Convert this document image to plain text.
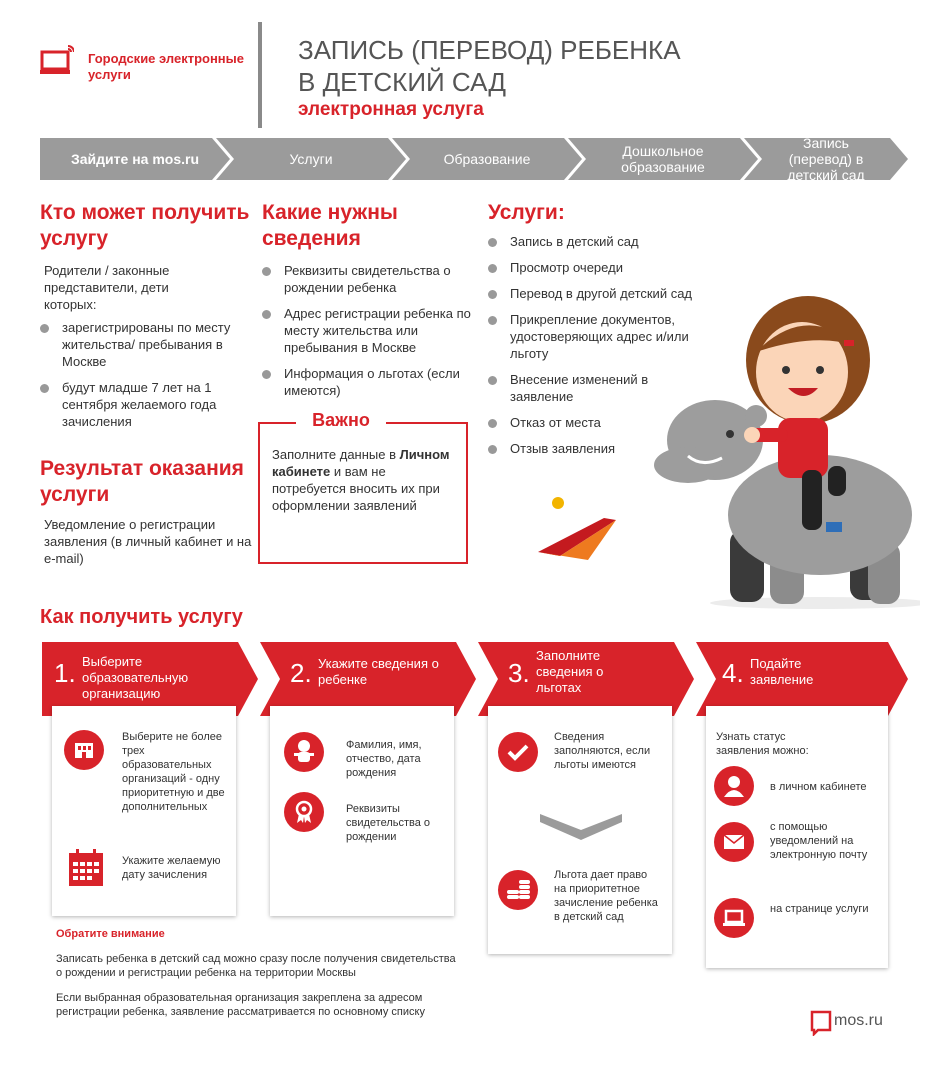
Городские электронные услуги
ЗАПИСЬ (ПЕРЕВОД) РЕБЕНКА
В ДЕТСКИЙ САД
электронная услуга
Зайдите на mos.ru	Услуги	Образование	Дошкольное образование
Запись (перевод) в детский сад
Кто может получить услугу
Родители / законные представители, дети которых:
зарегистрированы по месту жительства/ пребывания в Москве
будут младше 7 лет на 1 сентября желаемого года зачисления
Результат оказания услуги
Уведомление о регистрации заявления (в личный кабинет и на e-mail)
Какие нужны сведения
Реквизиты свидетельства о рождении ребенка
Адрес регистрации ребенка по месту жительства или пребывания в Москве
Информация о льготах (если имеются)
Важно
Заполните данные в Личном кабинете и вам не потребуется вносить их при оформлении заявлений
Услуги:
Запись в детский сад
Просмотр очереди
Перевод в другой детский сад
Прикрепление документов, удостоверяющих адрес и/или льготу
Внесение изменений в заявление
Отказ от места
Отзыв заявления
Как получить услугу
1. Выберите образовательную организацию
2. Укажите сведения о ребенке	3.
Заполните сведения о льготах	4. Подайте заявление
Выберите не более трех образовательных организаций - одну приоритетную и две дополнительных
Укажите желаемую дату зачисления
Фамилия, имя, отчество, дата рождения
Реквизиты свидетельства о рождении
Сведения заполняются, если льготы имеются
Льгота дает право на приоритетное зачисление ребенка в детский сад
Узнать статус заявления можно:
в личном кабинете
с помощью уведомлений на электронную почту
на странице услуги
Обратите внимание
Записать ребенка в детский сад можно сразу после получения свидетельства о рождении и регистрации ребенка на территории Москвы
Если выбранная образовательная организация закреплена за адресом регистрации ребенка, заявление рассматривается по основному списку	mos.ru
